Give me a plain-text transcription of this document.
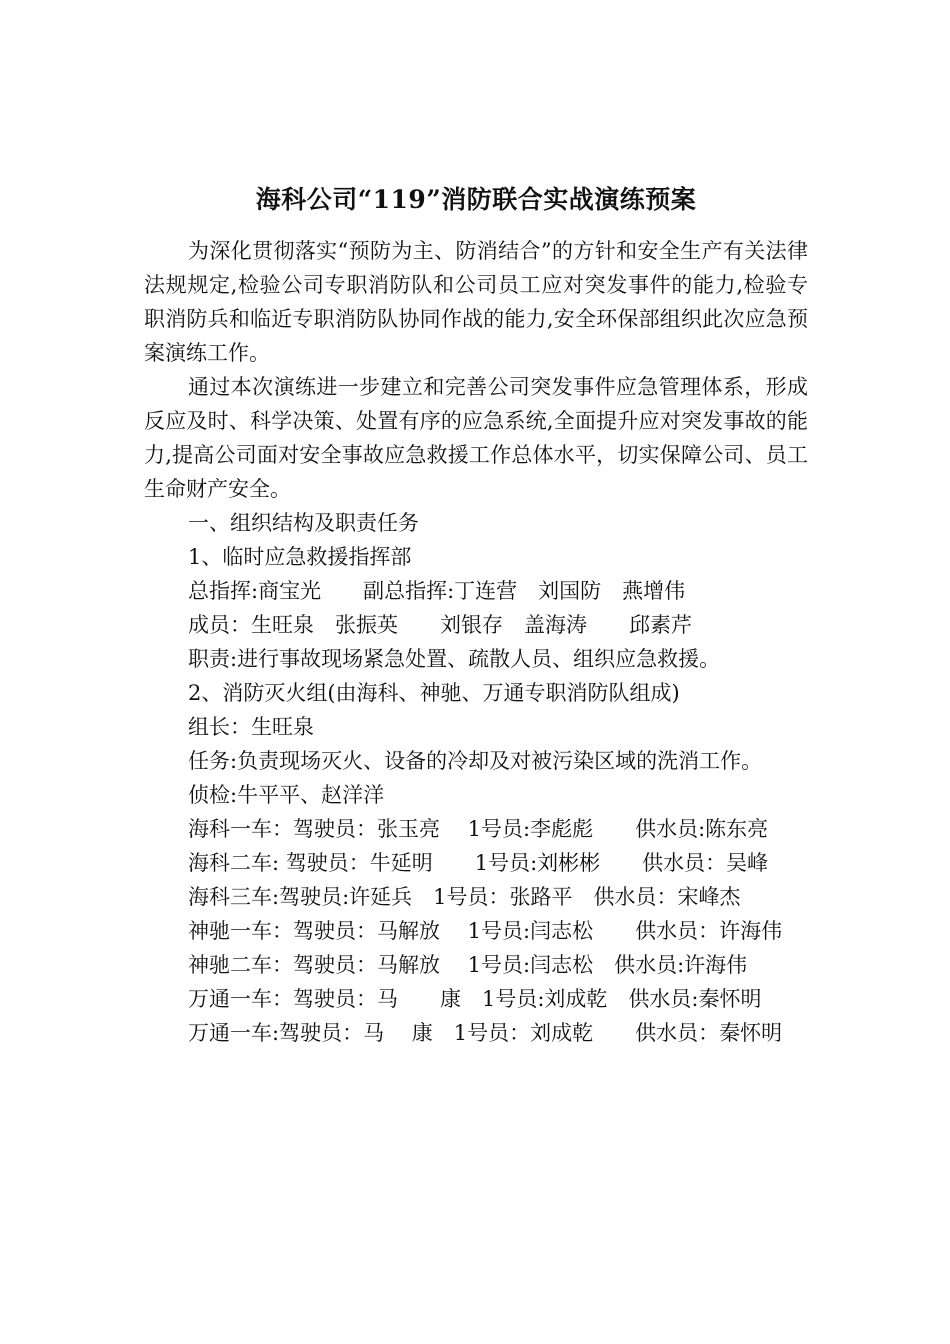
海科公司“119”消防联合实战演练预案

为深化贯彻落实“预防为主、防消结合”的方针和安全生产有关法律法规规定,检验公司专职消防队和公司员工应对突发事件的能力,检验专职消防兵和临近专职消防队协同作战的能力,安全环保部组织此次应急预案演练工作。

通过本次演练进一步建立和完善公司突发事件应急管理体系，形成反应及时、科学决策、处置有序的应急系统,全面提升应对突发事故的能力,提高公司面对安全事故应急救援工作总体水平，切实保障公司、员工生命财产安全。

一、组织结构及职责任务

1、临时应急救援指挥部

总指挥:商宝光　　副总指挥:丁连营　刘国防　燕增伟

成员：生旺泉　张振英　　刘银存　盖海涛　　邱素芹

职责:进行事故现场紧急处置、疏散人员、组织应急救援。

2、消防灭火组(由海科、神驰、万通专职消防队组成)

组长：生旺泉

任务:负责现场灭火、设备的冷却及对被污染区域的洗消工作。

侦检:牛平平、赵洋洋

海科一车：驾驶员：张玉亮　 1号员:李彪彪　　供水员:陈东亮

海科二车: 驾驶员：牛延明　　1号员:刘彬彬　　供水员：吴峰

海科三车:驾驶员:许延兵　1号员：张路平　供水员：宋峰杰

神驰一车：驾驶员：马解放　 1号员:闫志松　　供水员：许海伟

神驰二车：驾驶员：马解放　 1号员:闫志松　供水员:许海伟

万通一车：驾驶员：马　　康　1号员:刘成乾　供水员:秦怀明

万通一车:驾驶员：马　 康　1号员：刘成乾　　供水员：秦怀明
